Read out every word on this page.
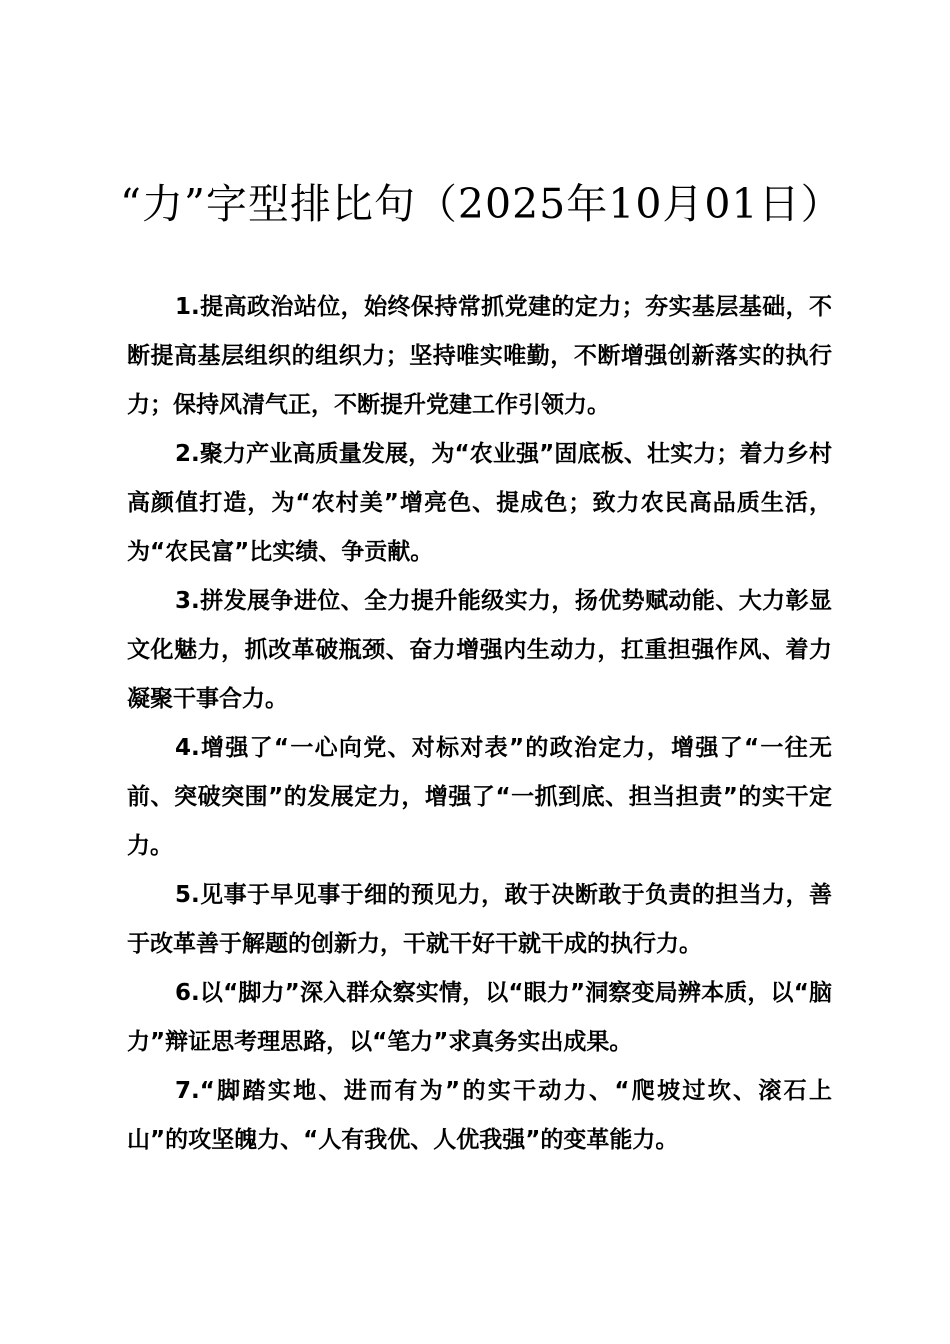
“力”字型排比句（2025年10月01日）

1.提高政治站位，始终保持常抓党建的定力；夯实基层基础，不断提高基层组织的组织力；坚持唯实唯勤，不断增强创新落实的执行力；保持风清气正，不断提升党建工作引领力。

2.聚力产业高质量发展，为“农业强”固底板、壮实力；着力乡村高颜值打造，为“农村美”增亮色、提成色；致力农民高品质生活，为“农民富”比实绩、争贡献。

3.拼发展争进位、全力提升能级实力，扬优势赋动能、大力彰显文化魅力，抓改革破瓶颈、奋力增强内生动力，扛重担强作风、着力凝聚干事合力。

4.增强了“一心向党、对标对表”的政治定力，增强了“一往无前、突破突围”的发展定力，增强了“一抓到底、担当担责”的实干定力。

5.见事于早见事于细的预见力，敢于决断敢于负责的担当力，善于改革善于解题的创新力，干就干好干就干成的执行力。

6.以“脚力”深入群众察实情，以“眼力”洞察变局辨本质，以“脑力”辩证思考理思路，以“笔力”求真务实出成果。

7.“脚踏实地、进而有为”的实干动力、“爬坡过坎、滚石上山”的攻坚魄力、“人有我优、人优我强”的变革能力。
